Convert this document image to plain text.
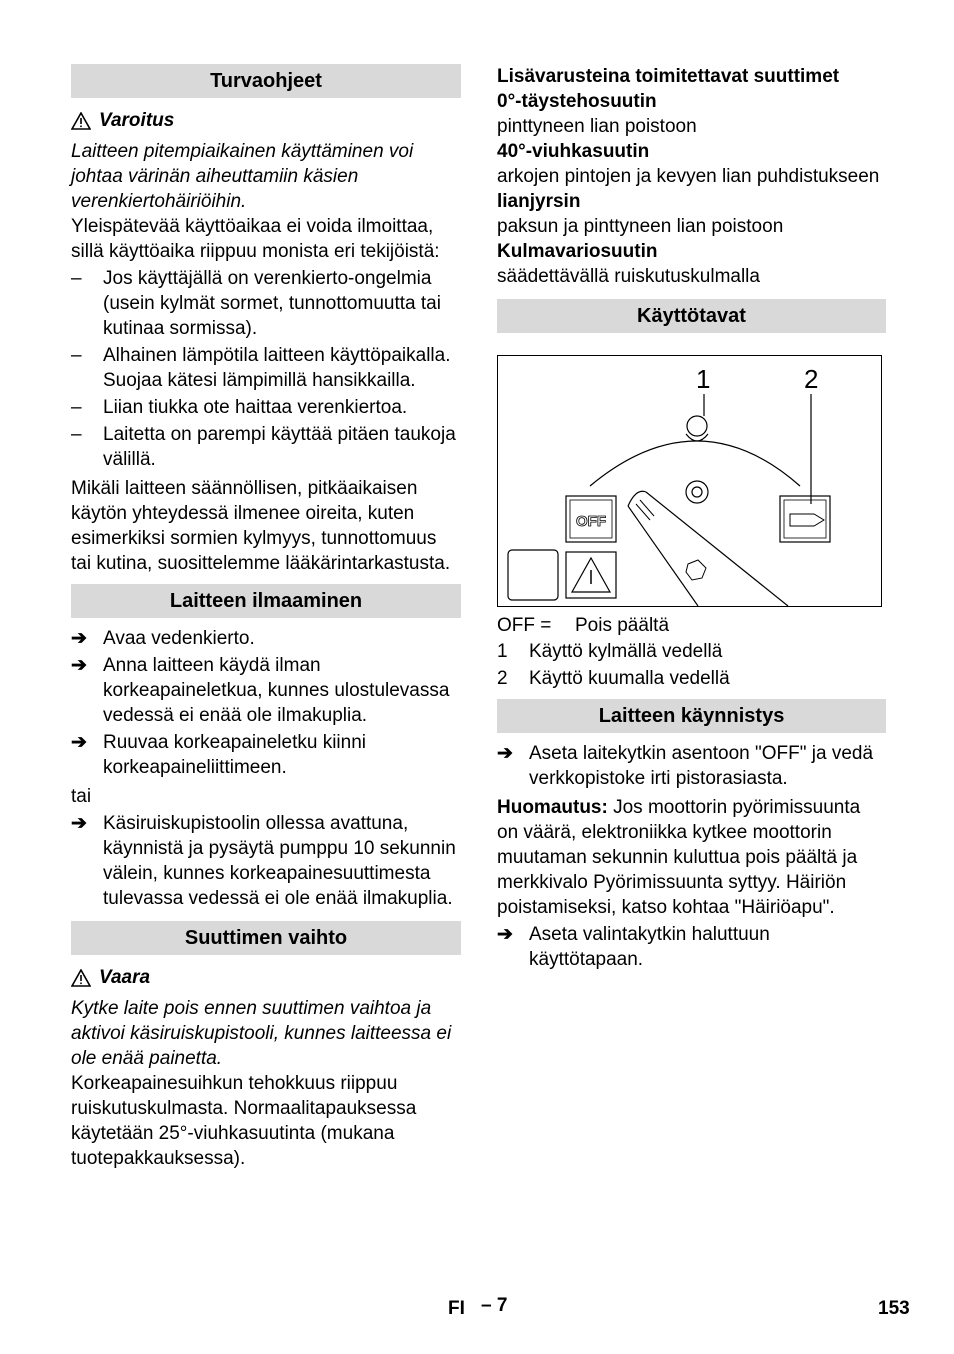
Turvaohjeet
Varoitus

Laitteen pitempiaikainen käyttäminen voi johtaa värinän aiheuttamiin käsien verenkiertohäiriöihin.

Yleispätevää käyttöaikaa ei voida ilmoittaa, sillä käyttöaika riippuu monista eri tekijöistä:

– Jos käyttäjällä on verenkierto-ongelmia (usein kylmät sormet, tunnottomuutta tai kutinaa sormissa).
– Alhainen lämpötila laitteen käyttöpaikalla. Suojaa kätesi lämpimillä hansikkailla.
– Liian tiukka ote haittaa verenkiertoa.
– Laitetta on parempi käyttää pitäen taukoja välillä.

Mikäli laitteen säännöllisen, pitkäaikaisen käytön yhteydessä ilmenee oireita, kuten esimerkiksi sormien kylmyys, tunnottomuus tai kutina, suosittelemme lääkärintarkastusta.

Laitteen ilmaaminen
➔ Avaa vedenkierto.
➔ Anna laitteen käydä ilman korkeapaineletkua, kunnes ulostulevassa vedessä ei enää ole ilmakuplia.
➔ Ruuvaa korkeapaineletku kiinni korkeapaineliittimeen.

tai

➔ Käsiruiskupistoolin ollessa avattuna, käynnistä ja pysäytä pumppu 10 sekunnin välein, kunnes korkeapainesuuttimesta tulevassa vedessä ei ole enää ilmakuplia.
Suuttimen vaihto
Vaara

Kytke laite pois ennen suuttimen vaihtoa ja aktivoi käsiruiskupistooli, kunnes laitteessa ei ole enää painetta.

Korkeapainesuihkun tehokkuus riippuu ruiskutuskulmasta. Normaalitapauksessa käytetään 25°-viuhkasuutinta (mukana tuotepakkauksessa).

Lisävarusteina toimitettavat suuttimet

0°-täystehosuutin

pinttyneen lian poistoon

40°-viuhkasuutin

arkojen pintojen ja kevyen lian puhdistukseen

lianjyrsin

paksun ja pinttyneen lian poistoon

Kulmavariosuutin

säädettävällä ruiskutuskulmalla

Käyttötavat
1	2
OFF
OFF =	Pois päältä
1	Käyttö kylmällä vedellä
2	Käyttö kuumalla vedellä
Laitteen käynnistys
➔ Aseta laitekytkin asentoon "OFF" ja vedä verkkopistoke irti pistorasiasta.

Huomautus: Jos moottorin pyörimissuunta on väärä, elektroniikka kytkee moottorin muutaman sekunnin kuluttua pois päältä ja merkkivalo Pyörimissuunta syttyy. Häiriön poistamiseksi, katso kohtaa "Häiriöapu".

➔ Aseta valintakytkin haluttuun käyttötapaan.
FI – 7	153
